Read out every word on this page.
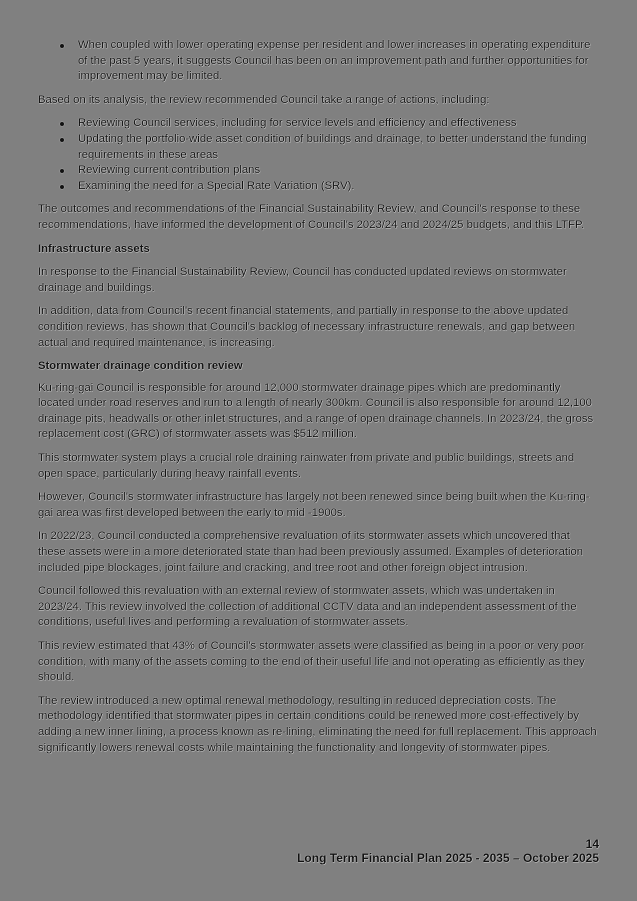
When coupled with lower operating expense per resident and lower increases in operating expenditure of the past 5 years, it suggests Council has been on an improvement path and further opportunities for improvement may be limited.

Based on its analysis, the review recommended Council take a range of actions, including:

Reviewing Council services, including for service levels and efficiency and effectiveness
Updating the portfolio-wide asset condition of buildings and drainage, to better understand the funding requirements in these areas
Reviewing current contribution plans
Examining the need for a Special Rate Variation (SRV).

The outcomes and recommendations of the Financial Sustainability Review, and Council's response to these recommendations, have informed the development of Council's 2023/24 and 2024/25 budgets, and this LTFP.

Infrastructure assets

In response to the Financial Sustainability Review, Council has conducted updated reviews on stormwater drainage and buildings.

In addition, data from Council's recent financial statements, and partially in response to the above updated condition reviews, has shown that Council's backlog of necessary infrastructure renewals, and gap between actual and required maintenance, is increasing.

Stormwater drainage condition review

Ku-ring-gai Council is responsible for around 12,000 stormwater drainage pipes which are predominantly located under road reserves and run to a length of nearly 300km. Council is also responsible for around 12,100 drainage pits, headwalls or other inlet structures, and a range of open drainage channels. In 2023/24, the gross replacement cost (GRC) of stormwater assets was $512 million.

This stormwater system plays a crucial role draining rainwater from private and public buildings, streets and open space, particularly during heavy rainfall events.

However, Council's stormwater infrastructure has largely not been renewed since being built when the Ku-ring-gai area was first developed between the early to mid -1900s.

In 2022/23, Council conducted a comprehensive revaluation of its stormwater assets which uncovered that these assets were in a more deteriorated state than had been previously assumed. Examples of deterioration included pipe blockages, joint failure and cracking, and tree root and other foreign object intrusion.

Council followed this revaluation with an external review of stormwater assets, which was undertaken in 2023/24. This review involved the collection of additional CCTV data and an independent assessment of the conditions, useful lives and performing a revaluation of stormwater assets.

This review estimated that 43% of Council's stormwater assets were classified as being in a poor or very poor condition, with many of the assets coming to the end of their useful life and not operating as efficiently as they should.

The review introduced a new optimal renewal methodology, resulting in reduced depreciation costs. The methodology identified that stormwater pipes in certain conditions could be renewed more cost-effectively by adding a new inner lining, a process known as re-lining, eliminating the need for full replacement. This approach significantly lowers renewal costs while maintaining the functionality and longevity of stormwater pipes.

14
Long Term Financial Plan 2025 - 2035 – October 2025
